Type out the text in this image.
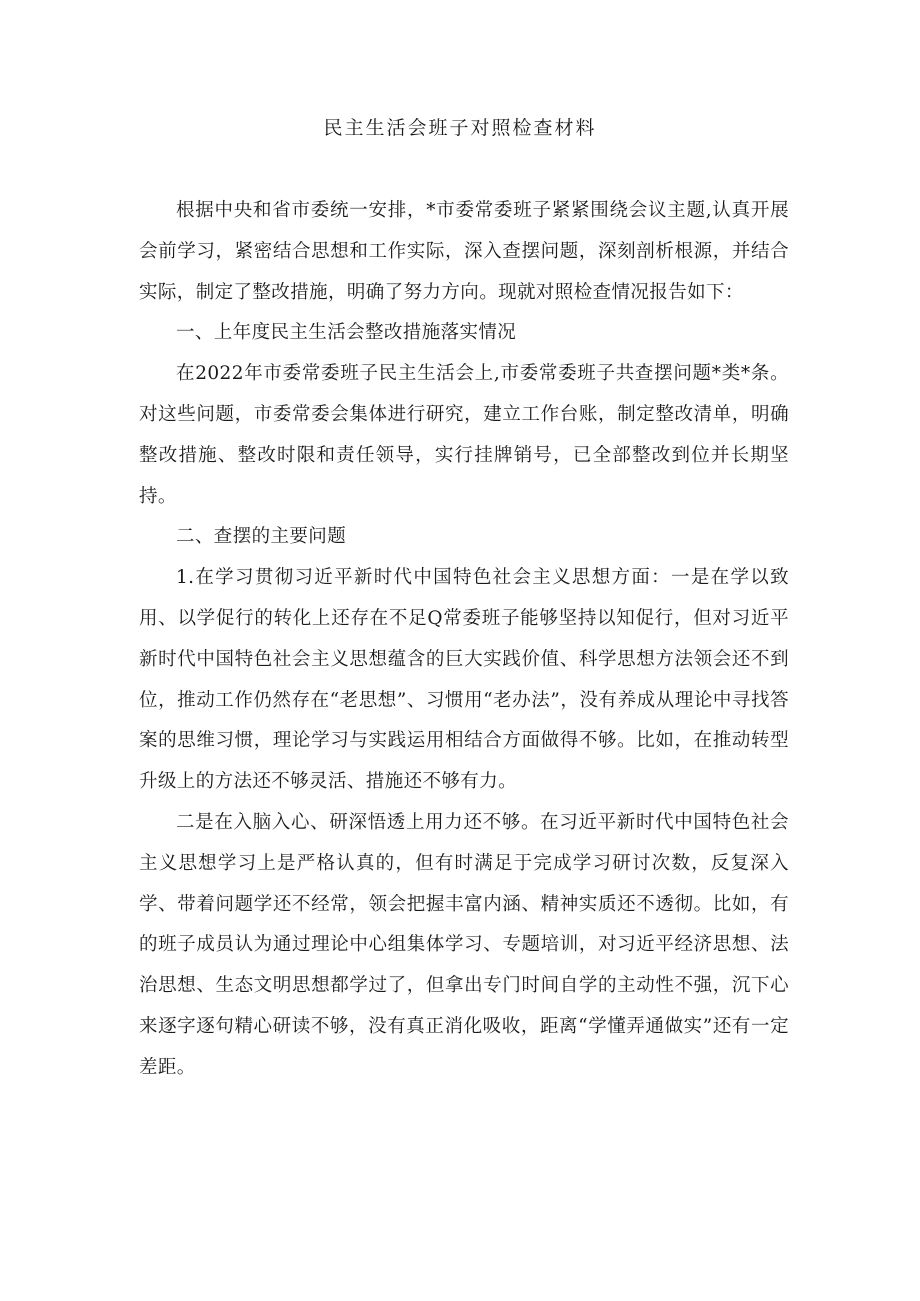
民主生活会班子对照检查材料

根据中央和省市委统一安排，*市委常委班子紧紧围绕会议主题,认真开展会前学习，紧密结合思想和工作实际，深入查摆问题，深刻剖析根源，并结合实际，制定了整改措施，明确了努力方向。现就对照检查情况报告如下：

一、上年度民主生活会整改措施落实情况

在2022年市委常委班子民主生活会上,市委常委班子共查摆问题*类*条。对这些问题，市委常委会集体进行研究，建立工作台账，制定整改清单，明确整改措施、整改时限和责任领导，实行挂牌销号，已全部整改到位并长期坚持。

二、查摆的主要问题

1.在学习贯彻习近平新时代中国特色社会主义思想方面：一是在学以致用、以学促行的转化上还存在不足Q常委班子能够坚持以知促行，但对习近平新时代中国特色社会主义思想蕴含的巨大实践价值、科学思想方法领会还不到位，推动工作仍然存在“老思想”、习惯用“老办法”，没有养成从理论中寻找答案的思维习惯，理论学习与实践运用相结合方面做得不够。比如，在推动转型升级上的方法还不够灵活、措施还不够有力。

二是在入脑入心、研深悟透上用力还不够。在习近平新时代中国特色社会主义思想学习上是严格认真的，但有时满足于完成学习研讨次数，反复深入学、带着问题学还不经常，领会把握丰富内涵、精神实质还不透彻。比如，有的班子成员认为通过理论中心组集体学习、专题培训，对习近平经济思想、法治思想、生态文明思想都学过了，但拿出专门时间自学的主动性不强，沉下心来逐字逐句精心研读不够，没有真正消化吸收，距离“学懂弄通做实”还有一定差距。
